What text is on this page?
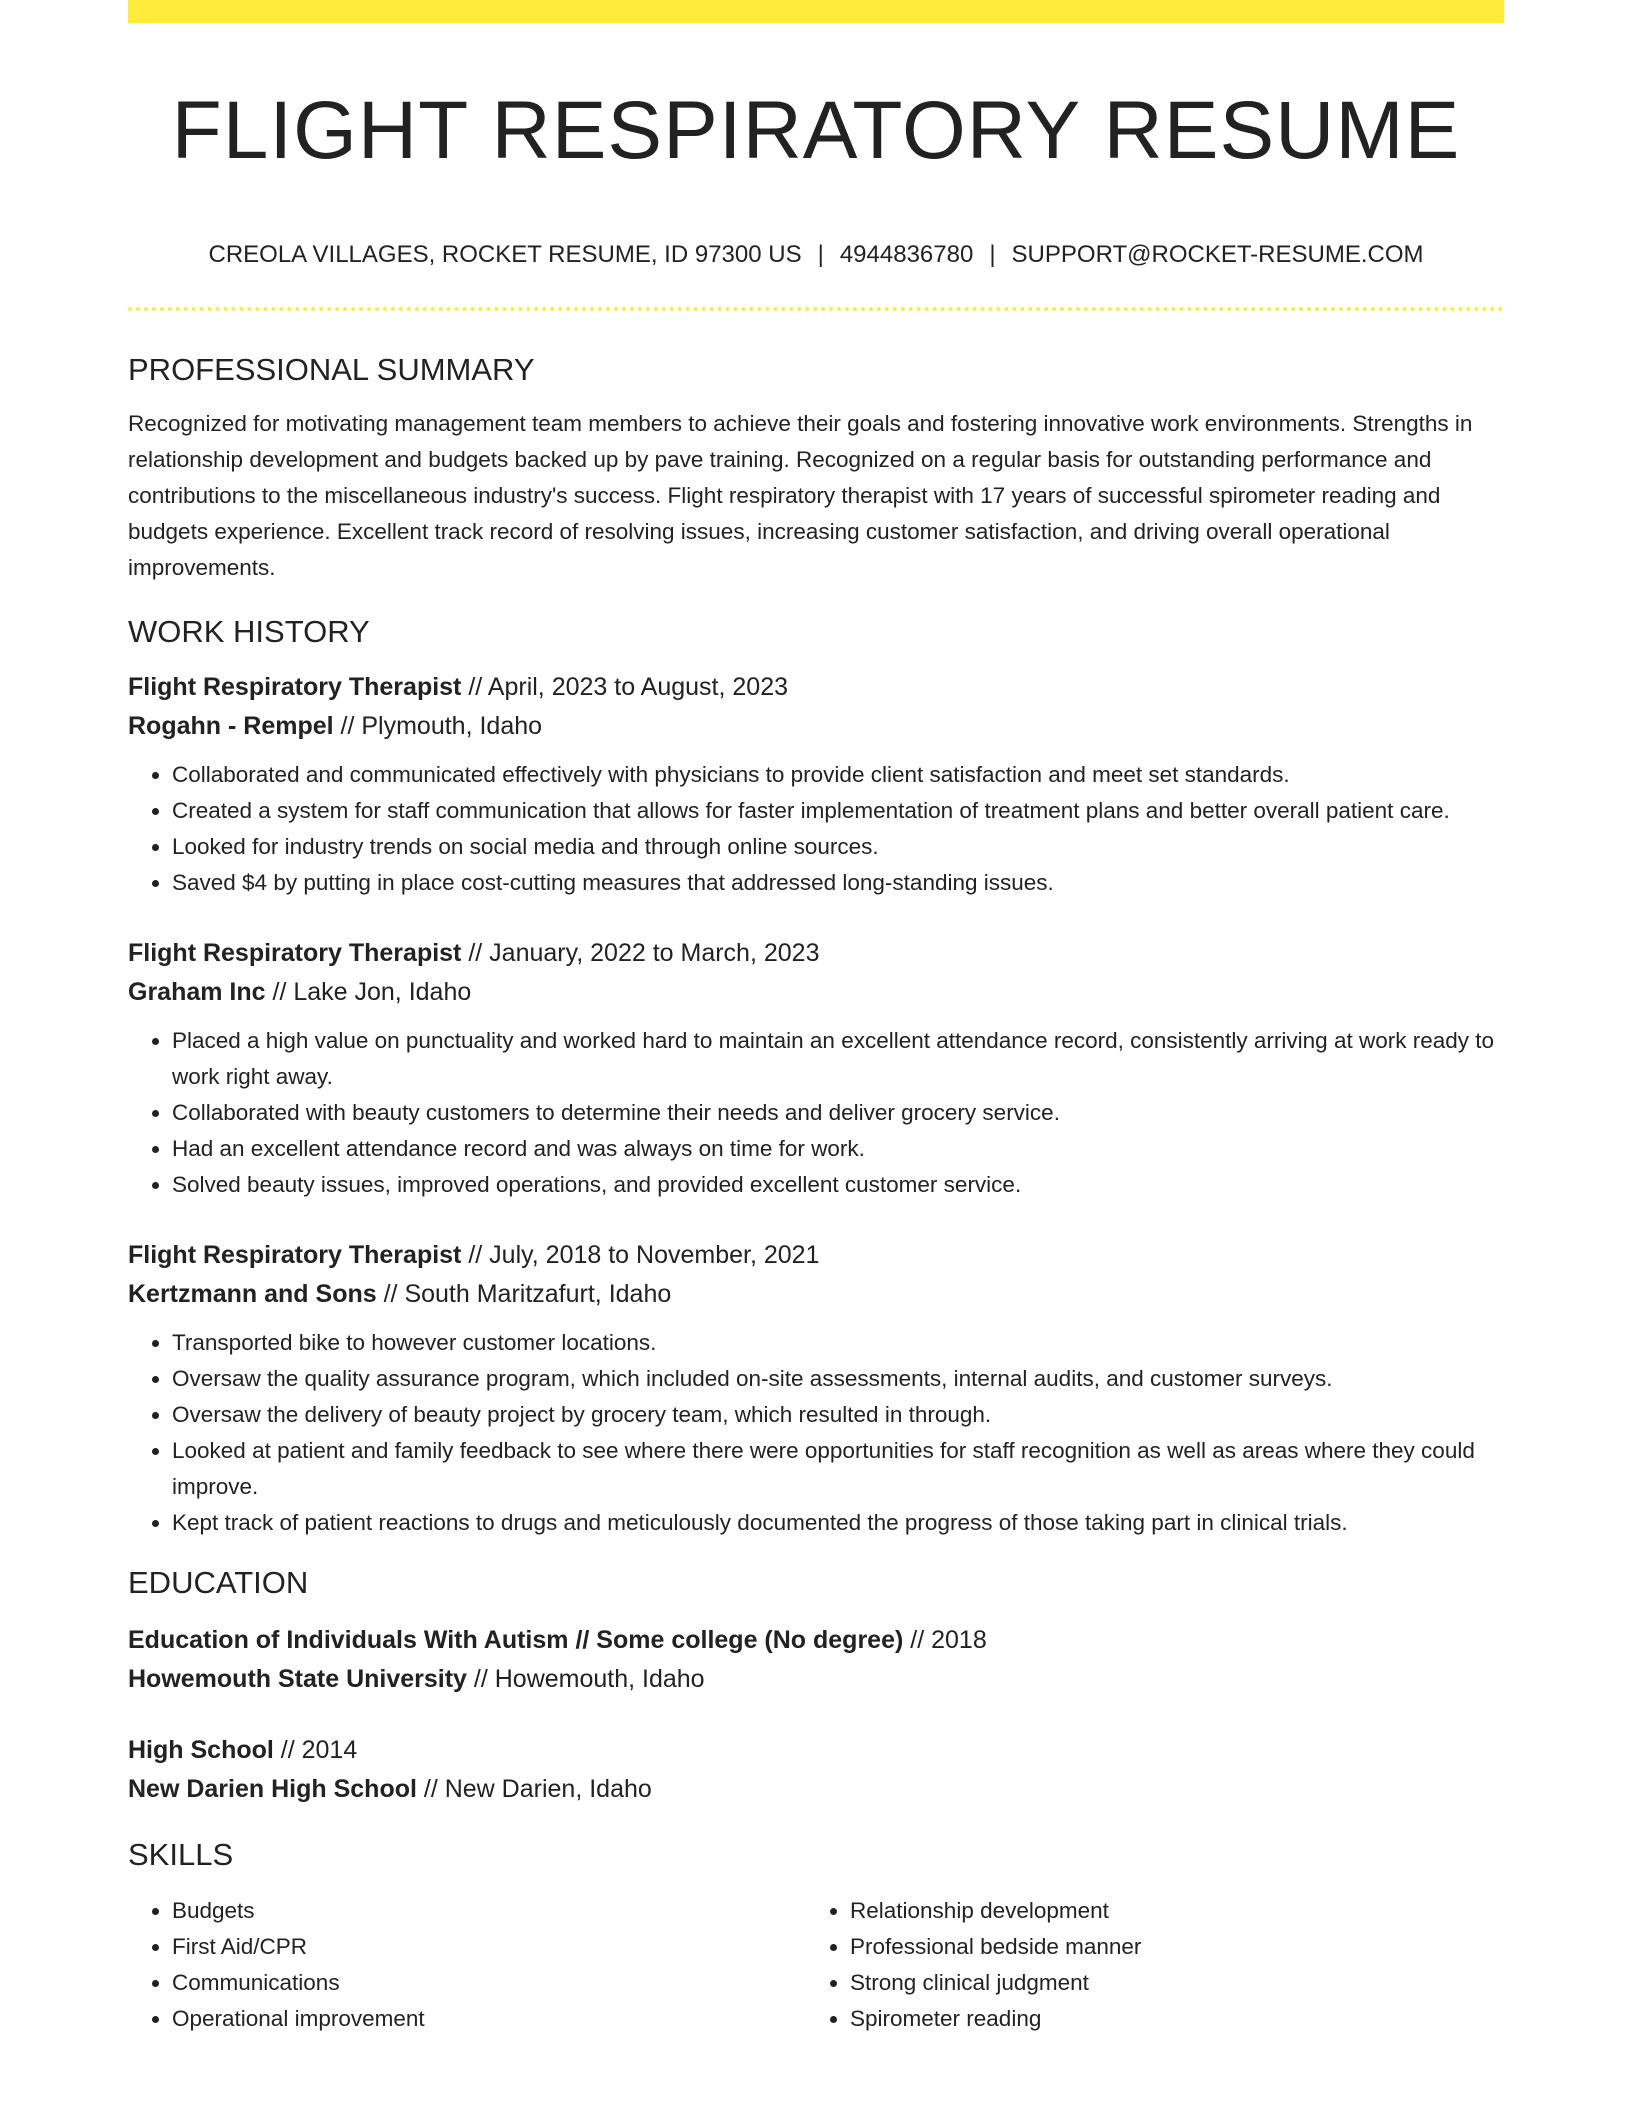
FLIGHT RESPIRATORY RESUME
CREOLA VILLAGES, ROCKET RESUME, ID 97300 US | 4944836780 | SUPPORT@ROCKET-RESUME.COM
PROFESSIONAL SUMMARY

Recognized for motivating management team members to achieve their goals and fostering innovative work environments. Strengths in relationship development and budgets backed up by pave training. Recognized on a regular basis for outstanding performance and contributions to the miscellaneous industry's success. Flight respiratory therapist with 17 years of successful spirometer reading and budgets experience. Excellent track record of resolving issues, increasing customer satisfaction, and driving overall operational improvements.

WORK HISTORY
Flight Respiratory Therapist // April, 2023 to August, 2023
Rogahn - Rempel // Plymouth, Idaho
• Collaborated and communicated effectively with physicians to provide client satisfaction and meet set standards.
• Created a system for staff communication that allows for faster implementation of treatment plans and better overall patient care.
• Looked for industry trends on social media and through online sources.
• Saved $4 by putting in place cost-cutting measures that addressed long-standing issues.
Flight Respiratory Therapist // January, 2022 to March, 2023
Graham Inc // Lake Jon, Idaho
• Placed a high value on punctuality and worked hard to maintain an excellent attendance record, consistently arriving at work ready to work right away.
• Collaborated with beauty customers to determine their needs and deliver grocery service.
• Had an excellent attendance record and was always on time for work.
• Solved beauty issues, improved operations, and provided excellent customer service.
Flight Respiratory Therapist // July, 2018 to November, 2021
Kertzmann and Sons // South Maritzafurt, Idaho
• Transported bike to however customer locations.
• Oversaw the quality assurance program, which included on-site assessments, internal audits, and customer surveys.
• Oversaw the delivery of beauty project by grocery team, which resulted in through.
• Looked at patient and family feedback to see where there were opportunities for staff recognition as well as areas where they could improve.
• Kept track of patient reactions to drugs and meticulously documented the progress of those taking part in clinical trials.
EDUCATION
Education of Individuals With Autism // Some college (No degree) // 2018
Howemouth State University // Howemouth, Idaho
High School // 2014
New Darien High School // New Darien, Idaho
SKILLS
• Budgets
• First Aid/CPR
• Communications
• Operational improvement
• Relationship development
• Professional bedside manner
• Strong clinical judgment
• Spirometer reading
